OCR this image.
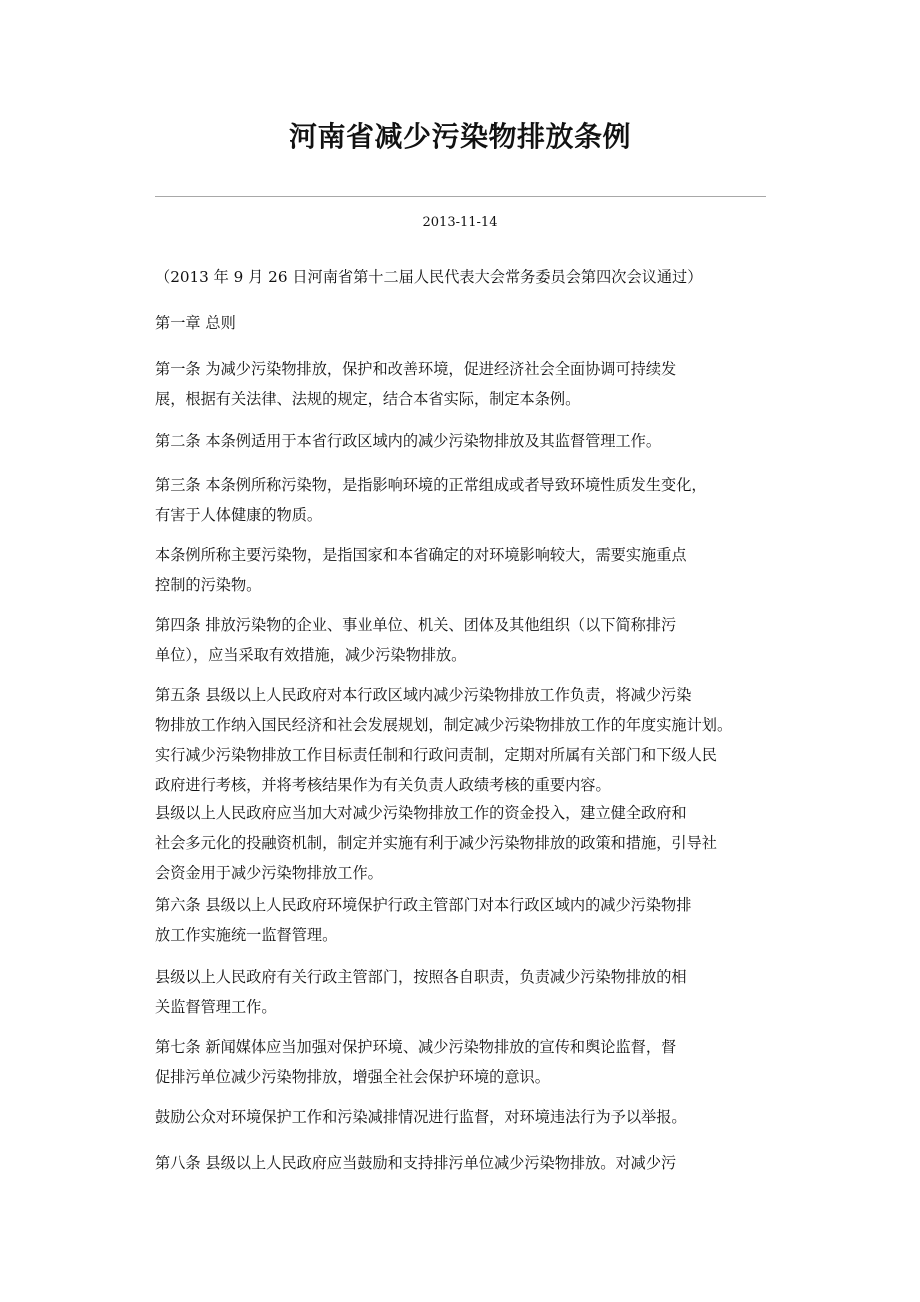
河南省减少污染物排放条例
2013-11-14
（2013 年 9 月 26 日河南省第十二届人民代表大会常务委员会第四次会议通过）
第一章 总则
第一条 为减少污染物排放，保护和改善环境，促进经济社会全面协调可持续发
展，根据有关法律、法规的规定，结合本省实际，制定本条例。
第二条 本条例适用于本省行政区域内的减少污染物排放及其监督管理工作。
第三条 本条例所称污染物，是指影响环境的正常组成或者导致环境性质发生变化，
有害于人体健康的物质。
本条例所称主要污染物，是指国家和本省确定的对环境影响较大，需要实施重点
控制的污染物。
第四条 排放污染物的企业、事业单位、机关、团体及其他组织（以下简称排污
单位），应当采取有效措施，减少污染物排放。
第五条 县级以上人民政府对本行政区域内减少污染物排放工作负责，将减少污染
物排放工作纳入国民经济和社会发展规划，制定减少污染物排放工作的年度实施计划。
实行减少污染物排放工作目标责任制和行政问责制，定期对所属有关部门和下级人民
政府进行考核，并将考核结果作为有关负责人政绩考核的重要内容。
县级以上人民政府应当加大对减少污染物排放工作的资金投入，建立健全政府和
社会多元化的投融资机制，制定并实施有利于减少污染物排放的政策和措施，引导社
会资金用于减少污染物排放工作。
第六条 县级以上人民政府环境保护行政主管部门对本行政区域内的减少污染物排
放工作实施统一监督管理。
县级以上人民政府有关行政主管部门，按照各自职责，负责减少污染物排放的相
关监督管理工作。
第七条 新闻媒体应当加强对保护环境、减少污染物排放的宣传和舆论监督，督
促排污单位减少污染物排放，增强全社会保护环境的意识。
鼓励公众对环境保护工作和污染减排情况进行监督，对环境违法行为予以举报。
第八条 县级以上人民政府应当鼓励和支持排污单位减少污染物排放。对减少污
